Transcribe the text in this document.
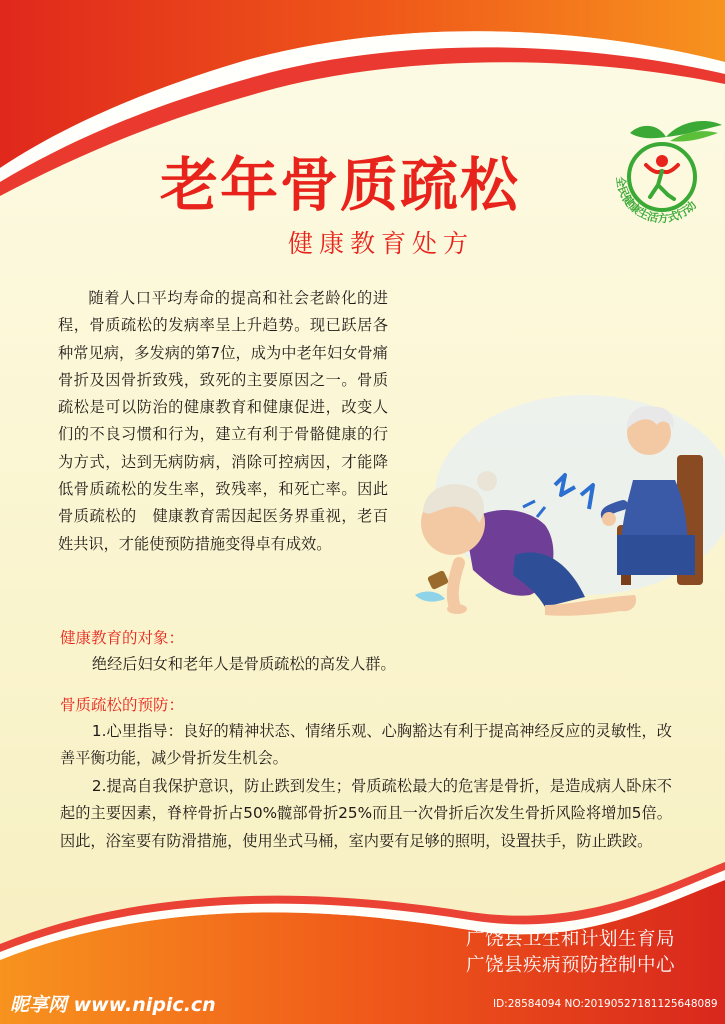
老年骨质疏松
健康教育处方
全民健康生活方式行动
随着人口平均寿命的提高和社会老龄化的进程，骨质疏松的发病率呈上升趋势。现已跃居各种常见病，多发病的第7位，成为中老年妇女骨痛骨折及因骨折致残，致死的主要原因之一。骨质疏松是可以防治的健康教育和健康促进，改变人们的不良习惯和行为，建立有利于骨骼健康的行为方式，达到无病防病，消除可控病因，才能降低骨质疏松的发生率，致残率，和死亡率。因此骨质疏松的　健康教育需因起医务界重视，老百姓共识，才能使预防措施变得卓有成效。
健康教育的对象：
绝经后妇女和老年人是骨质疏松的高发人群。
骨质疏松的预防：
1.心里指导：良好的精神状态、情绪乐观、心胸豁达有利于提高神经反应的灵敏性，改善平衡功能，减少骨折发生机会。
2.提高自我保护意识，防止跌到发生；骨质疏松最大的危害是骨折，是造成病人卧床不起的主要因素，脊梓骨折占50%髋部骨折25%而且一次骨折后次发生骨折风险将增加5倍。因此，浴室要有防滑措施，使用坐式马桶，室内要有足够的照明，设置扶手，防止跌跤。
广饶县卫生和计划生育局
广饶县疾病预防控制中心
昵享网 www.nipic.cn	ID:28584094 NO:20190527181125648089
